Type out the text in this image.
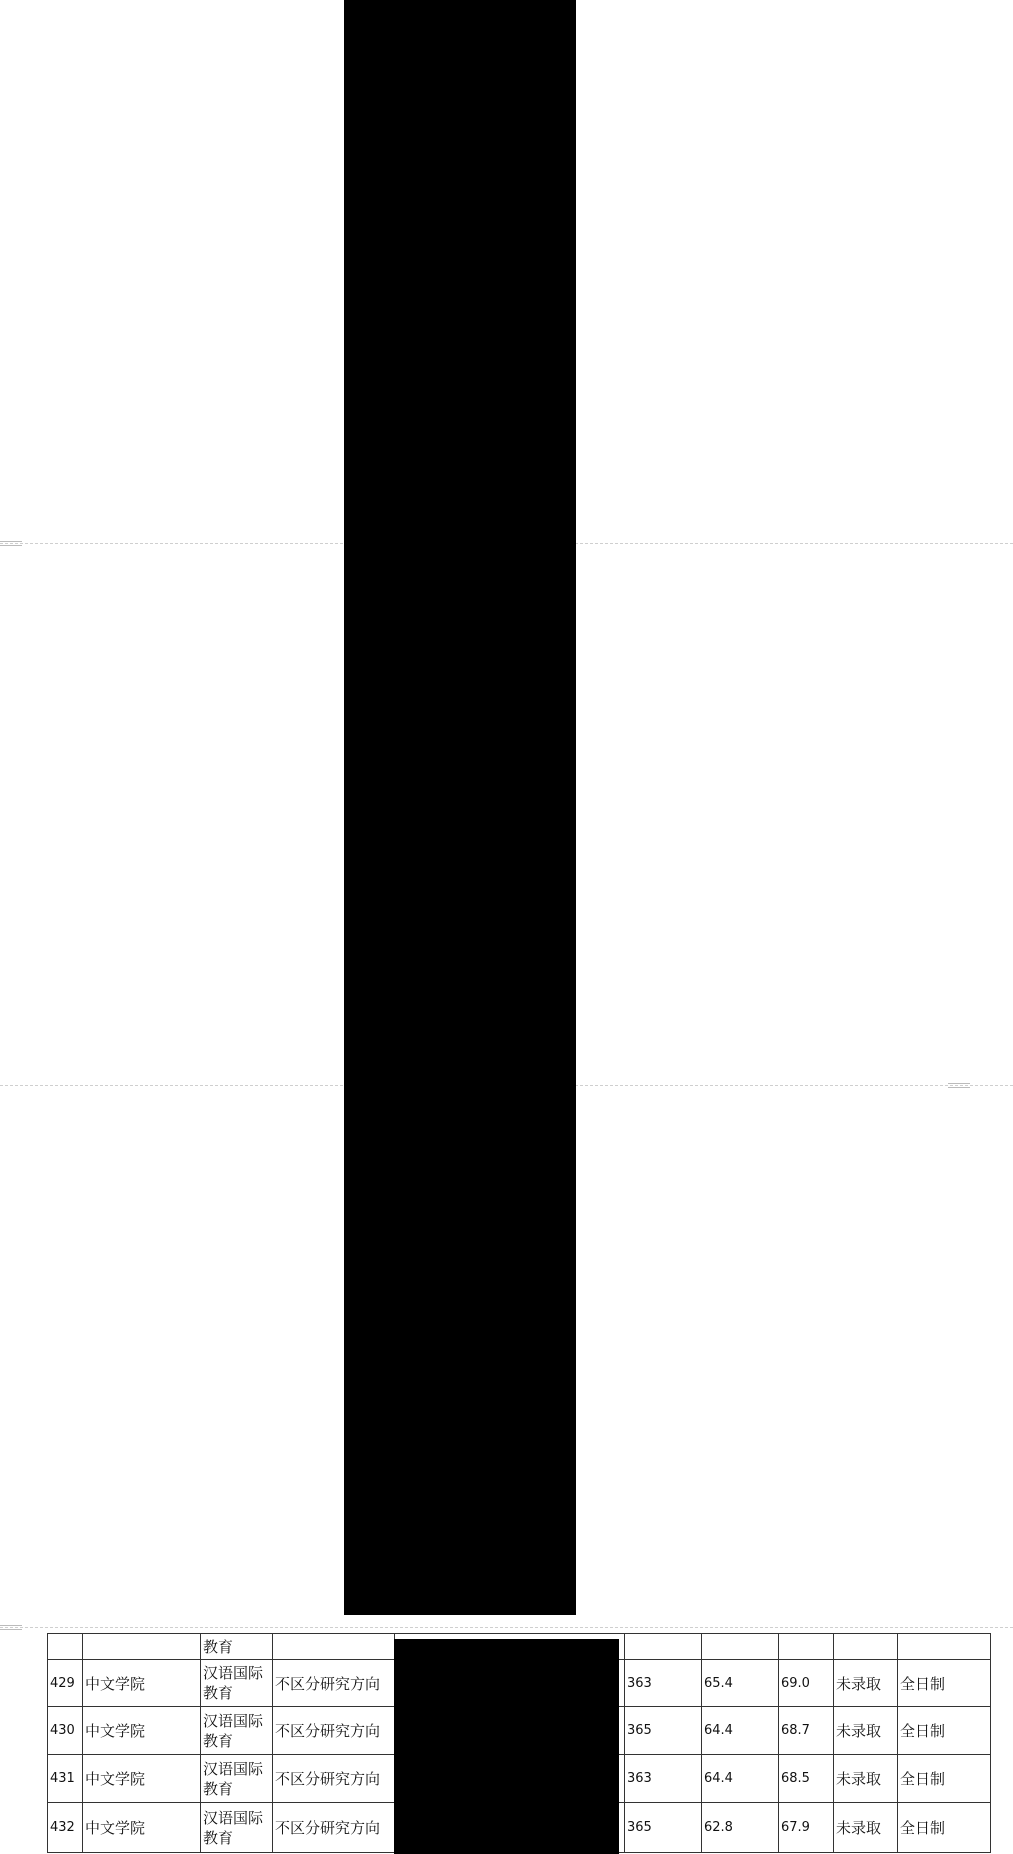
		教育							
429	中文学院	汉语国际教育	不区分研究方向		363	65.4	69.0	未录取	全日制
430	中文学院	汉语国际教育	不区分研究方向		365	64.4	68.7	未录取	全日制
431	中文学院	汉语国际教育	不区分研究方向		363	64.4	68.5	未录取	全日制
432	中文学院	汉语国际教育	不区分研究方向		365	62.8	67.9	未录取	全日制
